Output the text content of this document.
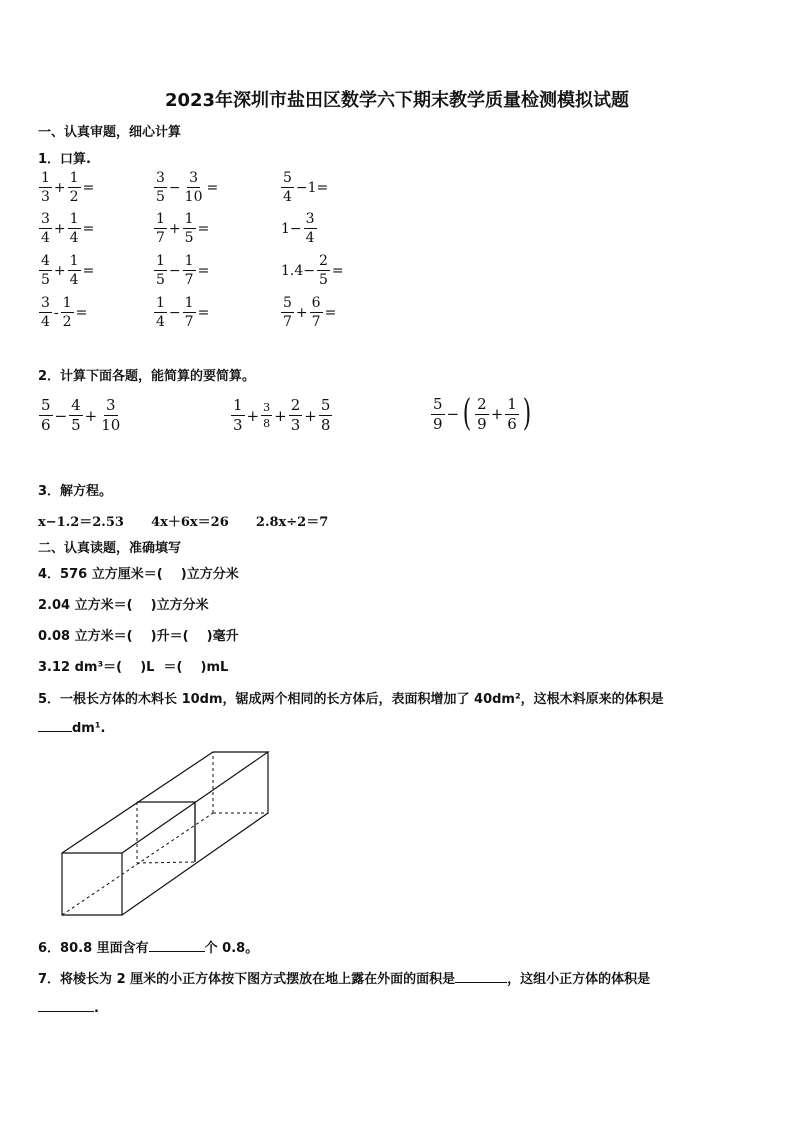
2023年深圳市盐田区数学六下期末教学质量检测模拟试题
一、认真审题，细心计算
1．口算.
$\frac{1}{3} + \frac{1}{2}$ =	$\frac{3}{5} - \frac{3}{10}$ =	$\frac{5}{4} -1=$
$\frac{3}{4} + \frac{1}{4}$ =	$\frac{1}{7} + \frac{1}{5}$ =	$1- \frac{3}{4}$
$\frac{4}{5} + \frac{1}{4}$ =	$\frac{1}{5} - \frac{1}{7}$ =	$1.4- \frac{2}{5}$ =
$\frac{3}{4} - \frac{1}{2}$ =	$\frac{1}{4} - \frac{1}{7}$ =	$\frac{5}{7} + \frac{6}{7}$ =
2．计算下面各题，能简算的要简算。
$\frac{5}{6} - \frac{4}{5} + \frac{3}{10}$	$\frac{1}{3} + \frac{3}{8} + \frac{2}{3} + \frac{5}{8}$	$\frac{5}{9}$ − ( $\frac{2}{9} + \frac{1}{6}$ )
3．解方程。
x−1.2＝2.53      4x＋6x＝26      2.8x÷2＝7
二、认真读题，准确填写
4．576 立方厘米＝(    )立方分米
2.04 立方米＝(    )立方分米
0.08 立方米＝(    )升＝(    )毫升
3.12 dm³＝(    )L  ＝(    )mL
5．一根长方体的木料长 10dm，锯成两个相同的长方体后，表面积增加了 40dm²，这根木料原来的体积是
dm¹.
6．80.8 里面含有	个 0.8。
7．将棱长为 2 厘米的小正方体按下图方式摆放在地上露在外面的面积是	，这组小正方体的体积是
.
